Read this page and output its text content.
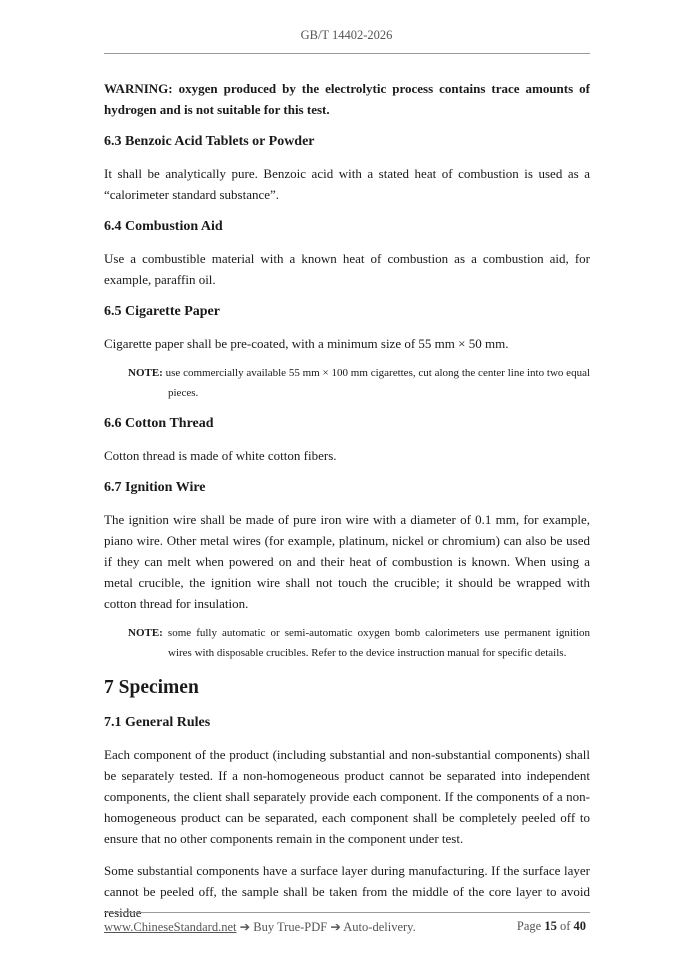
GB/T 14402-2026

WARNING: oxygen produced by the electrolytic process contains trace amounts of hydrogen and is not suitable for this test.

6.3 Benzoic Acid Tablets or Powder

It shall be analytically pure. Benzoic acid with a stated heat of combustion is used as a “calorimeter standard substance”.

6.4 Combustion Aid

Use a combustible material with a known heat of combustion as a combustion aid, for example, paraffin oil.

6.5 Cigarette Paper

Cigarette paper shall be pre-coated, with a minimum size of 55 mm × 50 mm.

NOTE: use commercially available 55 mm × 100 mm cigarettes, cut along the center line into two equal pieces.
6.6 Cotton Thread

Cotton thread is made of white cotton fibers.

6.7 Ignition Wire

The ignition wire shall be made of pure iron wire with a diameter of 0.1 mm, for example, piano wire. Other metal wires (for example, platinum, nickel or chromium) can also be used if they can melt when powered on and their heat of combustion is known. When using a metal crucible, the ignition wire shall not touch the crucible; it should be wrapped with cotton thread for insulation.

NOTE: some fully automatic or semi-automatic oxygen bomb calorimeters use permanent ignition wires with disposable crucibles. Refer to the device instruction manual for specific details.
7 Specimen
7.1 General Rules

Each component of the product (including substantial and non-substantial components) shall be separately tested. If a non-homogeneous product cannot be separated into independent components, the client shall separately provide each component. If the components of a non-homogeneous product can be separated, each component shall be completely peeled off to ensure that no other components remain in the component under test.

Some substantial components have a surface layer during manufacturing. If the surface layer cannot be peeled off, the sample shall be taken from the middle of the core layer to avoid residue

www.ChineseStandard.net ➔ Buy True-PDF ➔ Auto-delivery.	Page 15 of 40
